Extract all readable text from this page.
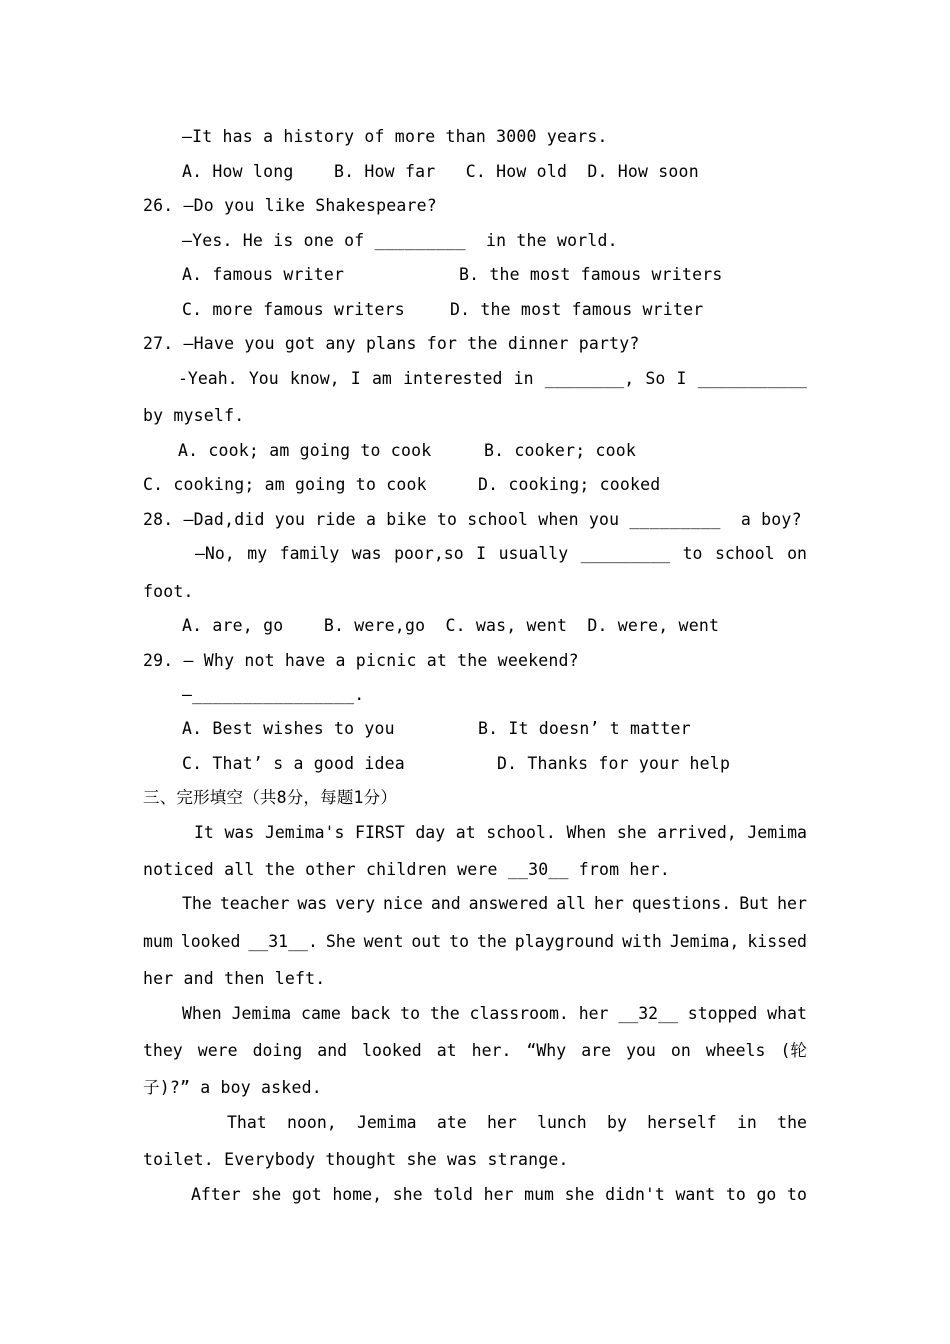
—It has a history of more than 3000 years.
A. How long    B. How far   C. How old  D. How soon
26. —Do you like Shakespeare?
—Yes. He is one of _________  in the world.
A. famous writer	B. the most famous writers
C. more famous writers	D. the most famous writer
27. —Have you got any plans for the dinner party?
-Yeah. You know, I am interested in ________, So I ___________
by myself.
A. cook; am going to cook	B. cooker; cook
C. cooking; am going to cook	D. cooking; cooked
28. —Dad,did you ride a bike to school when you _________  a boy?
—No, my family was poor,so I usually _________ to school on
foot.
A. are, go    B. were,go  C. was, went  D. were, went
29. — Why not have a picnic at the weekend?
—________________.
A. Best wishes to you	B. It doesn’ t matter
C. That’ s a good idea	D. Thanks for your help
三、完形填空（共8分，每题1分）
It was Jemima's FIRST day at school. When she arrived, Jemima
noticed all the other children were __30__ from her.
The teacher was very nice and answered all her questions. But her
mum looked __31__. She went out to the playground with Jemima, kissed
her and then left.
When Jemima came back to the classroom. her __32__ stopped what
they were doing and looked at her. “Why are you on wheels (轮
子)?” a boy asked.
That noon, Jemima ate her lunch by herself in the
toilet. Everybody thought she was strange.
After she got home, she told her mum she didn't want to go to
